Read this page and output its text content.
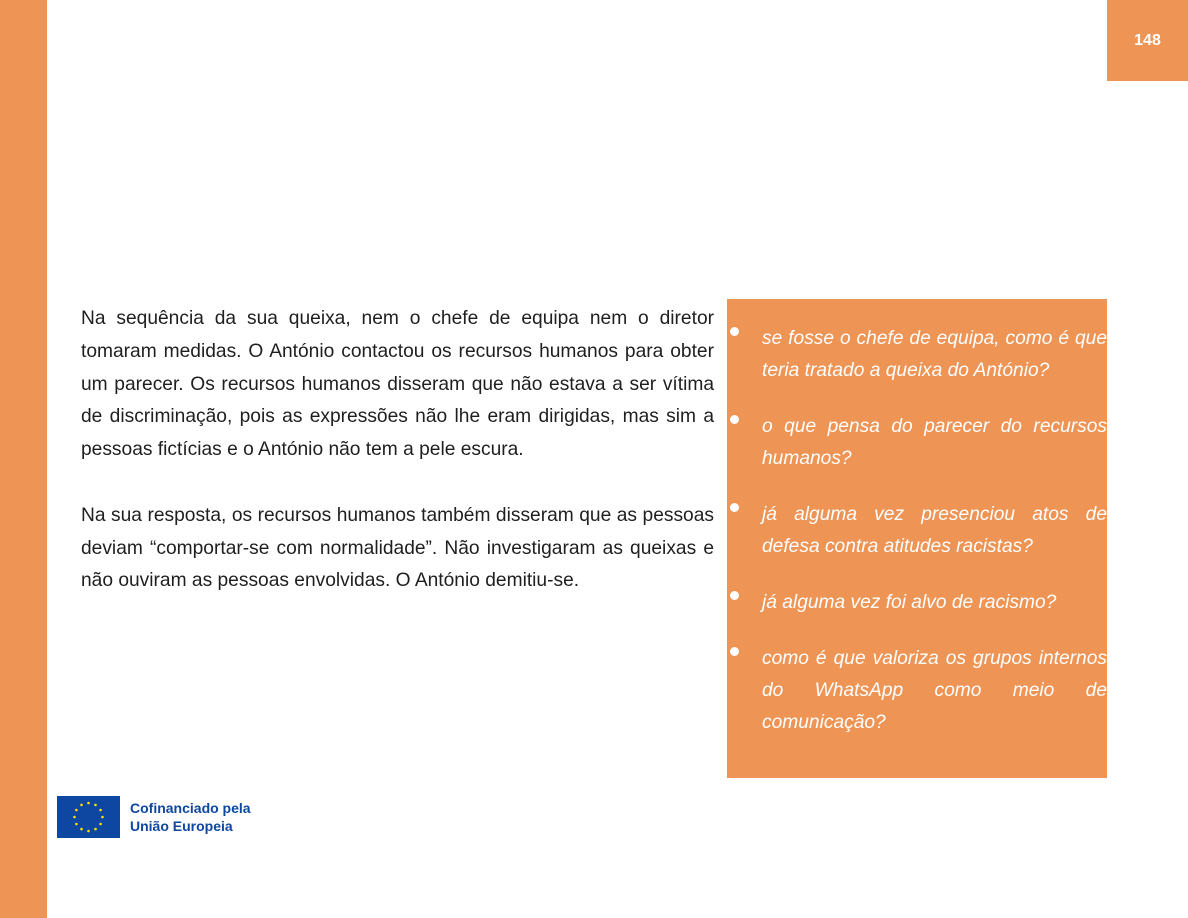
148

Na sequência da sua queixa, nem o chefe de equipa nem o diretor tomaram medidas. O António contactou os recursos humanos para obter um parecer. Os recursos humanos disseram que não estava a ser vítima de discriminação, pois as expressões não lhe eram dirigidas, mas sim a pessoas fictícias e o António não tem a pele escura.

Na sua resposta, os recursos humanos também disseram que as pessoas deviam “comportar-se com normalidade”. Não investigaram as queixas e não ouviram as pessoas envolvidas. O António demitiu-se.

se fosse o chefe de equipa, como é que teria tratado a queixa do António?
o que pensa do parecer do recursos humanos?
já alguma vez presenciou atos de defesa contra atitudes racistas?
já alguma vez foi alvo de racismo?
como é que valoriza os grupos internos do WhatsApp como meio de comunicação?
Cofinanciado pela
União Europeia
